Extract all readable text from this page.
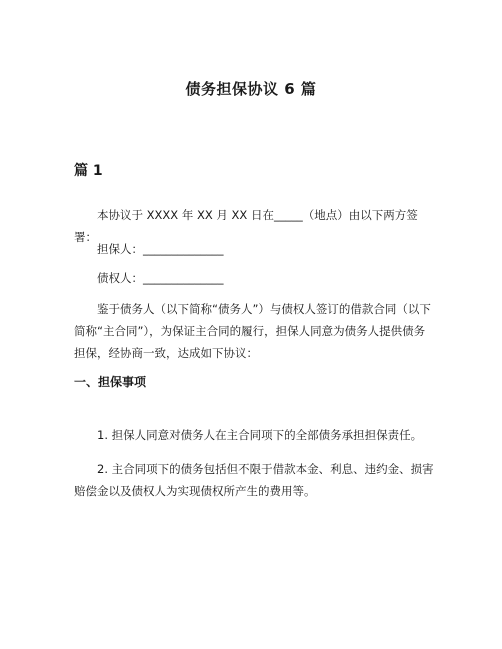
债务担保协议 6 篇
篇 1

本协议于 XXXX 年 XX 月 XX 日在_____（地点）由以下两方签署：

担保人：______________

债权人：______________

鉴于债务人（以下简称“债务人”）与债权人签订的借款合同（以下简称“主合同”），为保证主合同的履行，担保人同意为债务人提供债务担保，经协商一致，达成如下协议：

一、担保事项

1. 担保人同意对债务人在主合同项下的全部债务承担担保责任。

2. 主合同项下的债务包括但不限于借款本金、利息、违约金、损害赔偿金以及债权人为实现债权所产生的费用等。
